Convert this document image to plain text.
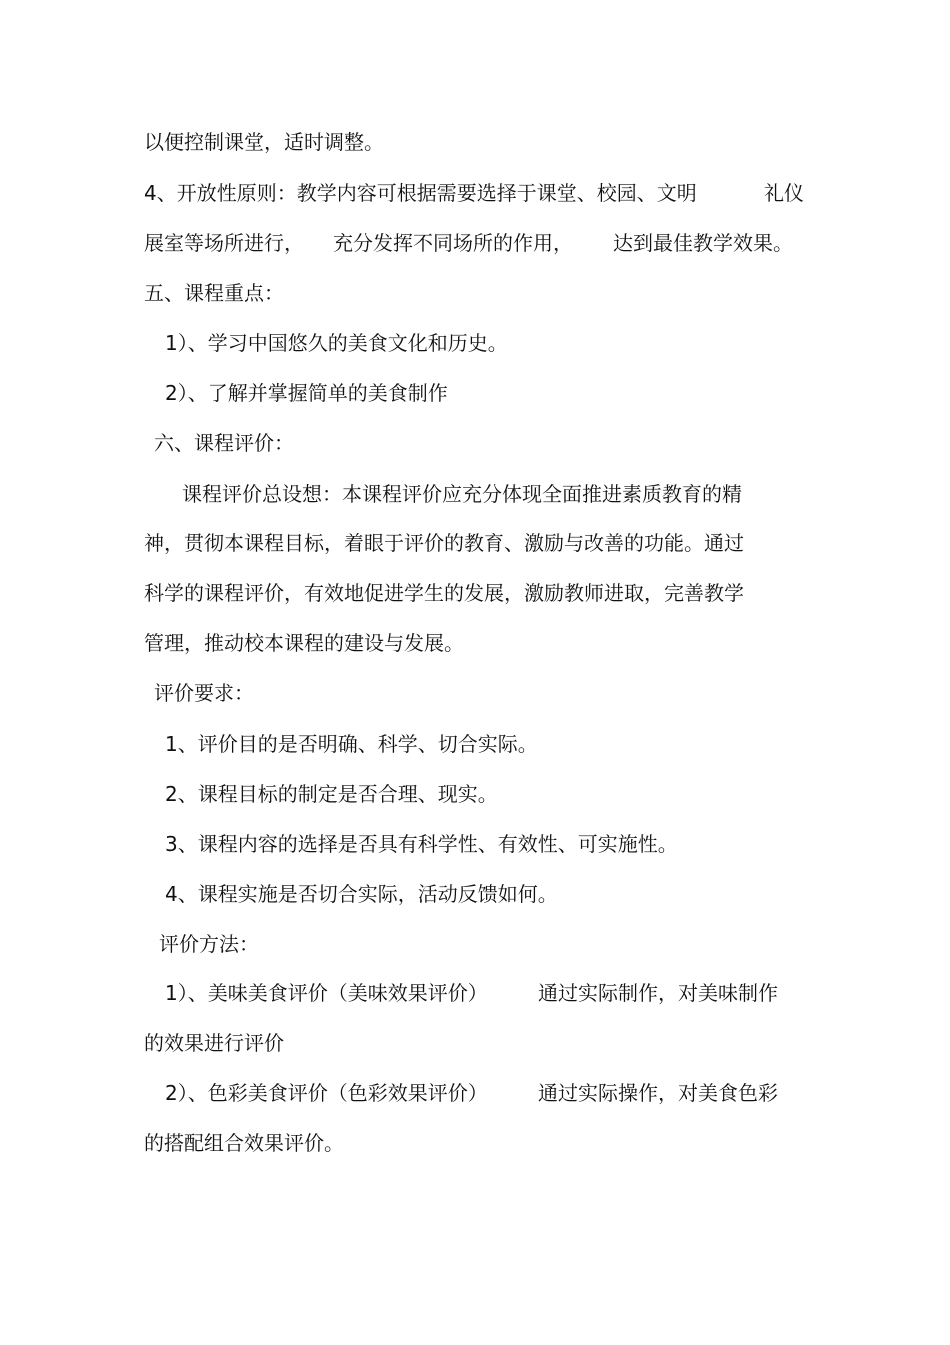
以便控制课堂，适时调整。

4、开放性原则：教学内容可根据需要选择于课堂、校园、文明

	礼仪

展室等场所进行，

充分发挥不同场所的作用，

达到最佳教学效果。

五、课程重点：

1）、学习中国悠久的美食文化和历史。

2）、了解并掌握简单的美食制作

六、课程评价：

课程评价总设想：本课程评价应充分体现全面推进素质教育的精

神，贯彻本课程目标，着眼于评价的教育、激励与改善的功能。通过

科学的课程评价，有效地促进学生的发展，激励教师进取，完善教学

管理，推动校本课程的建设与发展。

评价要求：

1、评价目的是否明确、科学、切合实际。

2、课程目标的制定是否合理、现实。

3、课程内容的选择是否具有科学性、有效性、可实施性。

4、课程实施是否切合实际，活动反馈如何。

评价方法：

1）、美味美食评价（美味效果评价）

	通过实际制作，对美味制作

的效果进行评价

2）、色彩美食评价（色彩效果评价）

	通过实际操作，对美食色彩

的搭配组合效果评价。
